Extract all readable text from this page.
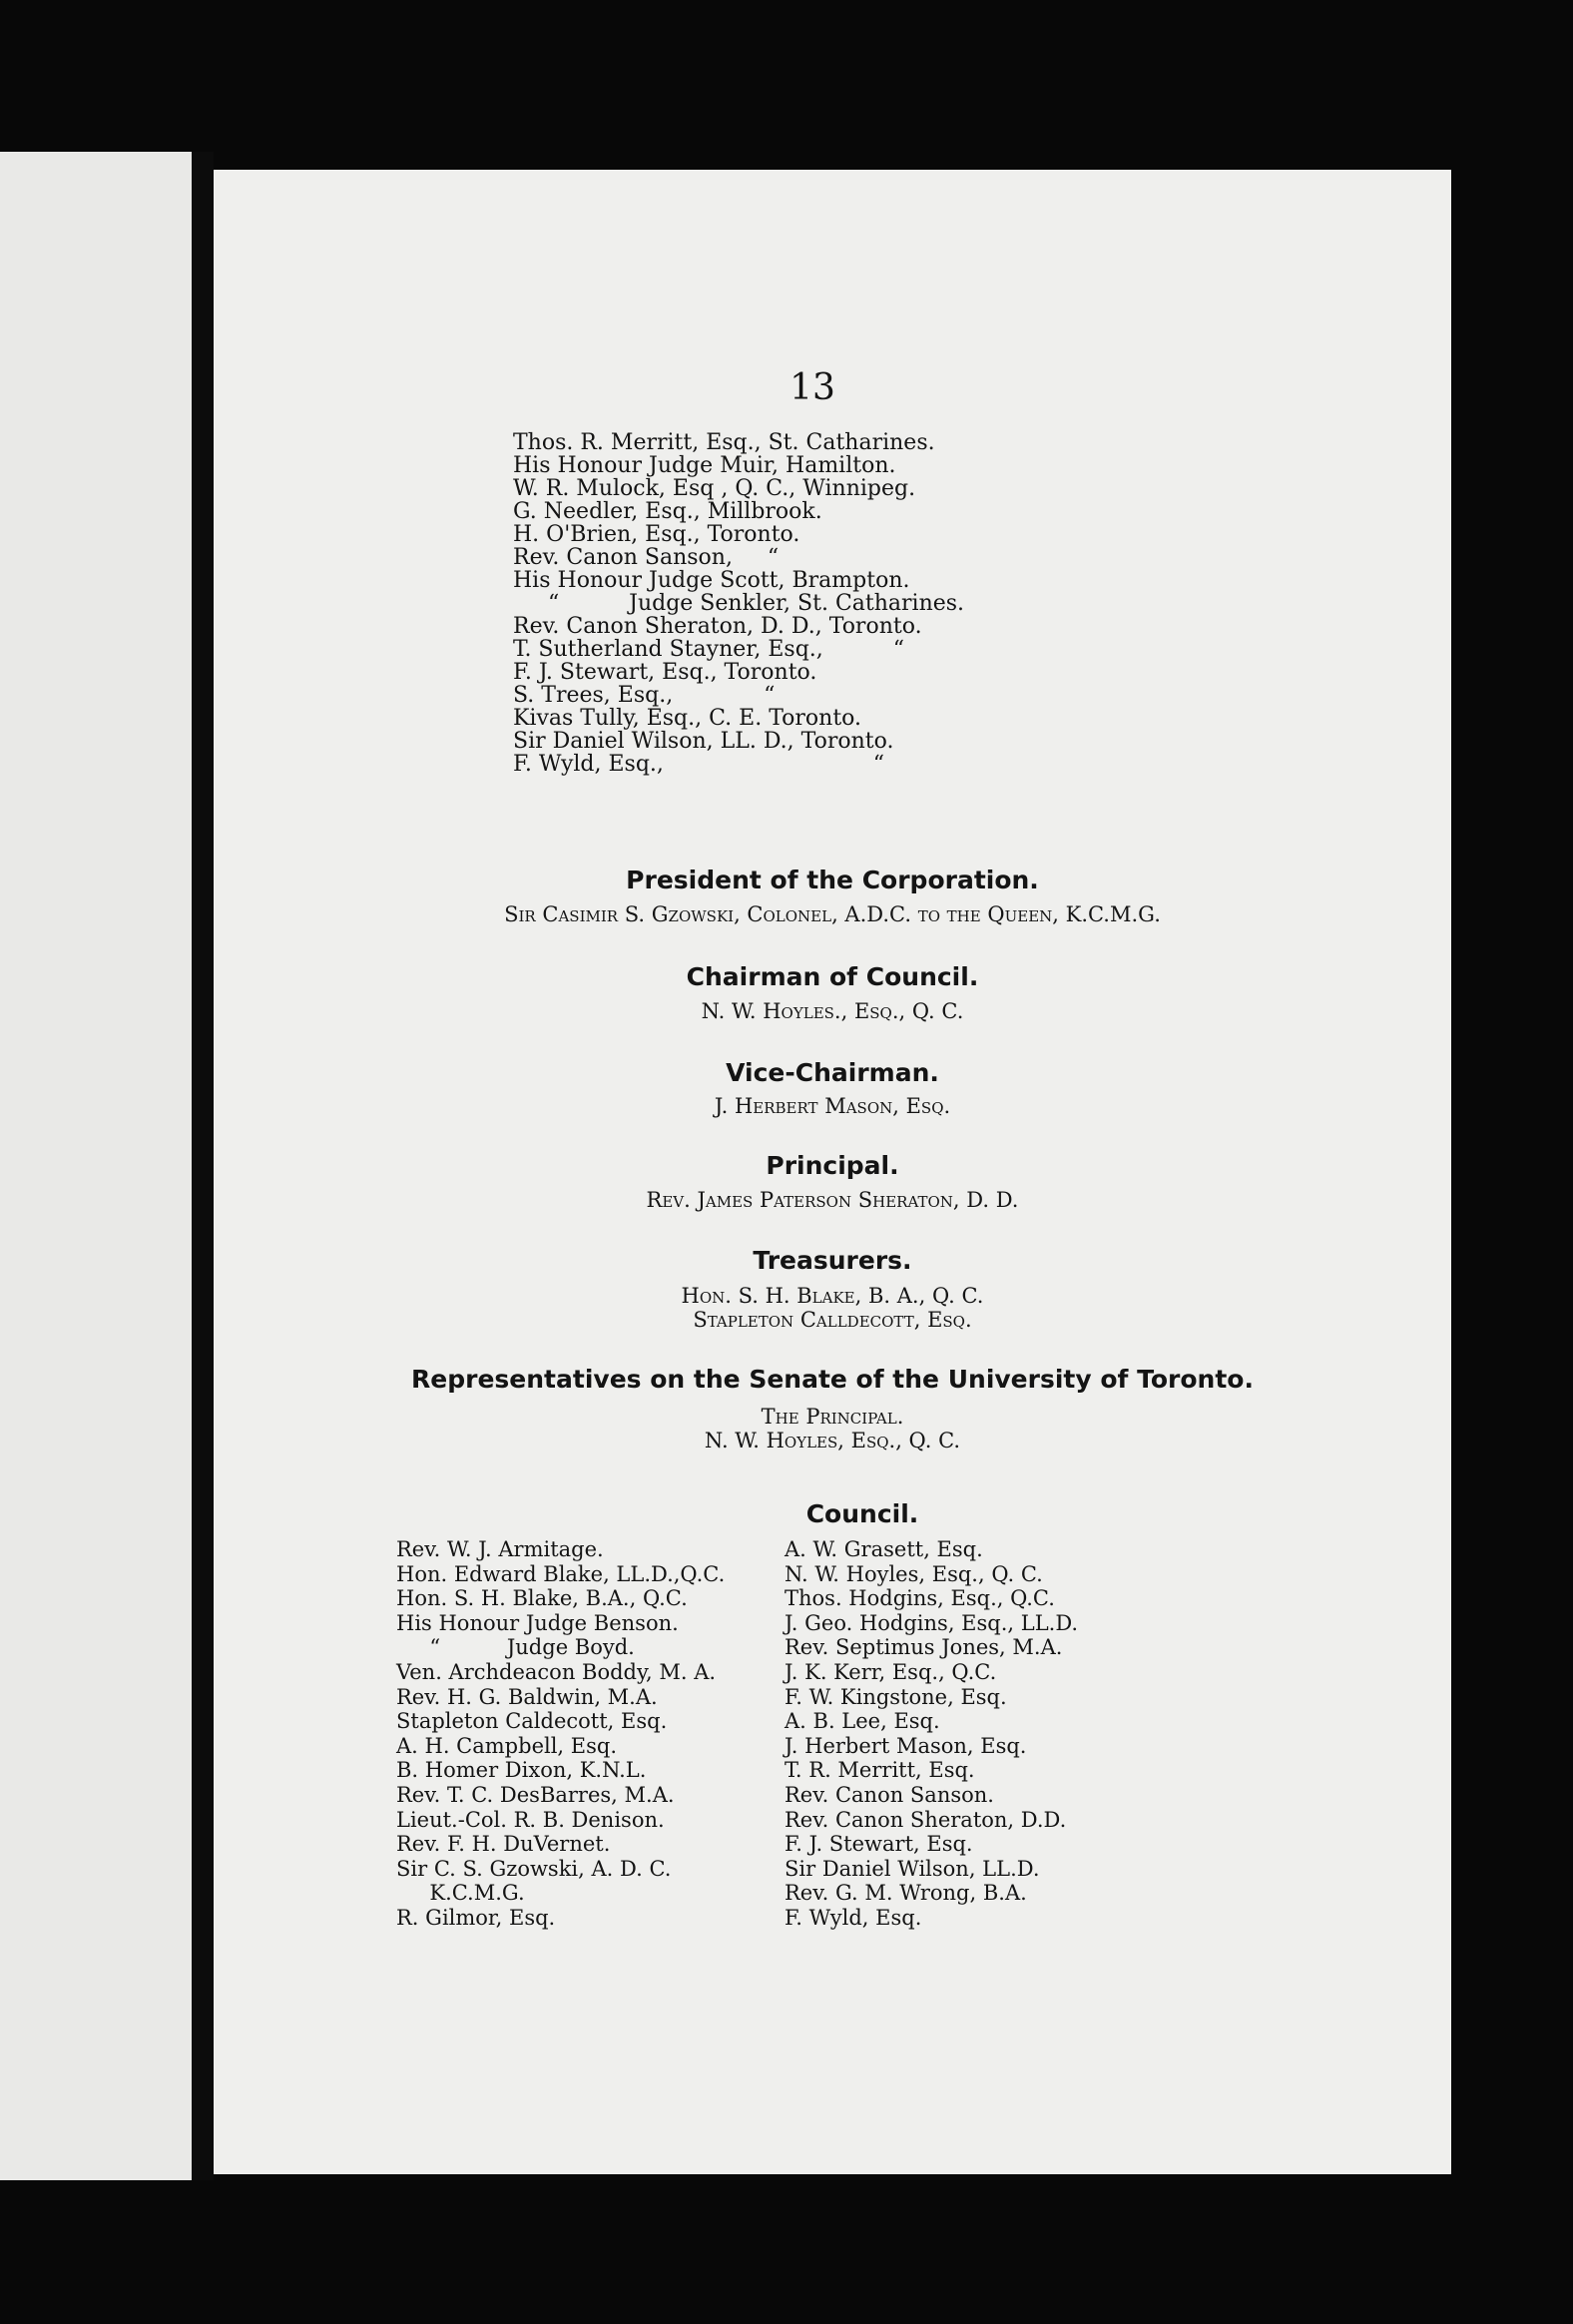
13
Thos. R. Merritt, Esq., St. Catharines.
His Honour Judge Muir, Hamilton.
W. R. Mulock, Esq , Q. C., Winnipeg.
G. Needler, Esq., Millbrook.
H. O'Brien, Esq., Toronto.
Rev. Canon Sanson,     “
His Honour Judge Scott, Brampton.
“          Judge Senkler, St. Catharines.
Rev. Canon Sheraton, D. D., Toronto.
T. Sutherland Stayner, Esq.,          “
F. J. Stewart, Esq., Toronto.
S. Trees, Esq.,             “
Kivas Tully, Esq., C. E. Toronto.
Sir Daniel Wilson, LL. D., Toronto.
F. Wyld, Esq.,                              “
President of the Corporation.
Sir Casimir S. Gzowski, Colonel, A.D.C. to the Queen, K.C.M.G.
Chairman of Council.
N. W. Hoyles., Esq., Q. C.
Vice-Chairman.
J. Herbert Mason, Esq.
Principal.
Rev. James Paterson Sheraton, D. D.
Treasurers.
Hon. S. H. Blake, B. A., Q. C.
Stapleton Calldecott, Esq.
Representatives on the Senate of the University of Toronto.
The Principal.
N. W. Hoyles, Esq., Q. C.
Council.
Rev. W. J. Armitage.
Hon. Edward Blake, LL.D.,Q.C.
Hon. S. H. Blake, B.A., Q.C.
His Honour Judge Benson.
“          Judge Boyd.
Ven. Archdeacon Boddy, M. A.
Rev. H. G. Baldwin, M.A.
Stapleton Caldecott, Esq.
A. H. Campbell, Esq.
B. Homer Dixon, K.N.L.
Rev. T. C. DesBarres, M.A.
Lieut.-Col. R. B. Denison.
Rev. F. H. DuVernet.
Sir C. S. Gzowski, A. D. C.
K.C.M.G.
R. Gilmor, Esq.
A. W. Grasett, Esq.
N. W. Hoyles, Esq., Q. C.
Thos. Hodgins, Esq., Q.C.
J. Geo. Hodgins, Esq., LL.D.
Rev. Septimus Jones, M.A.
J. K. Kerr, Esq., Q.C.
F. W. Kingstone, Esq.
A. B. Lee, Esq.
J. Herbert Mason, Esq.
T. R. Merritt, Esq.
Rev. Canon Sanson.
Rev. Canon Sheraton, D.D.
F. J. Stewart, Esq.
Sir Daniel Wilson, LL.D.
Rev. G. M. Wrong, B.A.
F. Wyld, Esq.
